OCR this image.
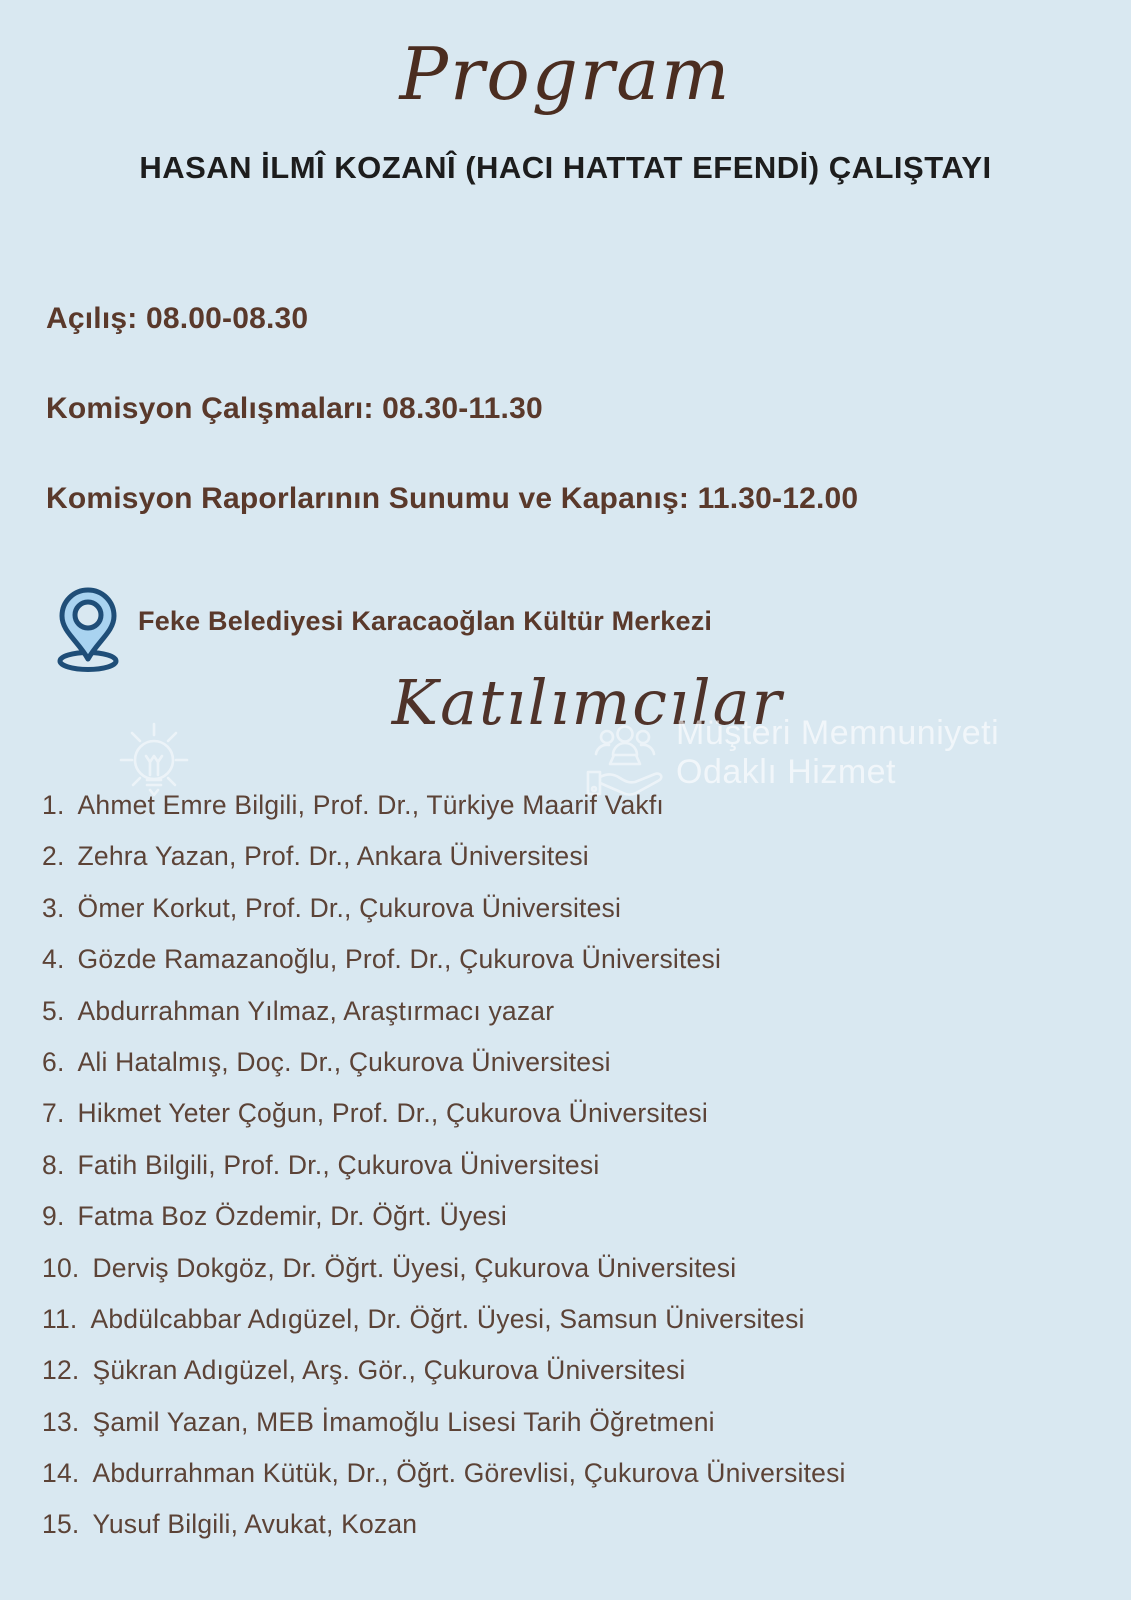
Program
HASAN İLMÎ KOZANÎ (HACI HATTAT EFENDİ) ÇALIŞTAYI
Açılış: 08.00-08.30
Komisyon Çalışmaları: 08.30-11.30
Komisyon Raporlarının Sunumu ve Kapanış: 11.30-12.00
Feke Belediyesi Karacaoğlan Kültür Merkezi
Katılımcılar
Müşteri Memnuniyeti
Odaklı Hizmet
1. Ahmet Emre Bilgili, Prof. Dr., Türkiye Maarif Vakfı
2. Zehra Yazan, Prof. Dr., Ankara Üniversitesi
3. Ömer Korkut, Prof. Dr., Çukurova Üniversitesi
4. Gözde Ramazanoğlu, Prof. Dr., Çukurova Üniversitesi
5. Abdurrahman Yılmaz, Araştırmacı yazar
6. Ali Hatalmış, Doç. Dr., Çukurova Üniversitesi
7. Hikmet Yeter Çoğun, Prof. Dr., Çukurova Üniversitesi
8. Fatih Bilgili, Prof. Dr., Çukurova Üniversitesi
9. Fatma Boz Özdemir, Dr. Öğrt. Üyesi
10. Derviş Dokgöz, Dr. Öğrt. Üyesi, Çukurova Üniversitesi
11. Abdülcabbar Adıgüzel, Dr. Öğrt. Üyesi, Samsun Üniversitesi
12. Şükran Adıgüzel, Arş. Gör., Çukurova Üniversitesi
13. Şamil Yazan, MEB İmamoğlu Lisesi Tarih Öğretmeni
14. Abdurrahman Kütük, Dr., Öğrt. Görevlisi, Çukurova Üniversitesi
15. Yusuf Bilgili, Avukat, Kozan
